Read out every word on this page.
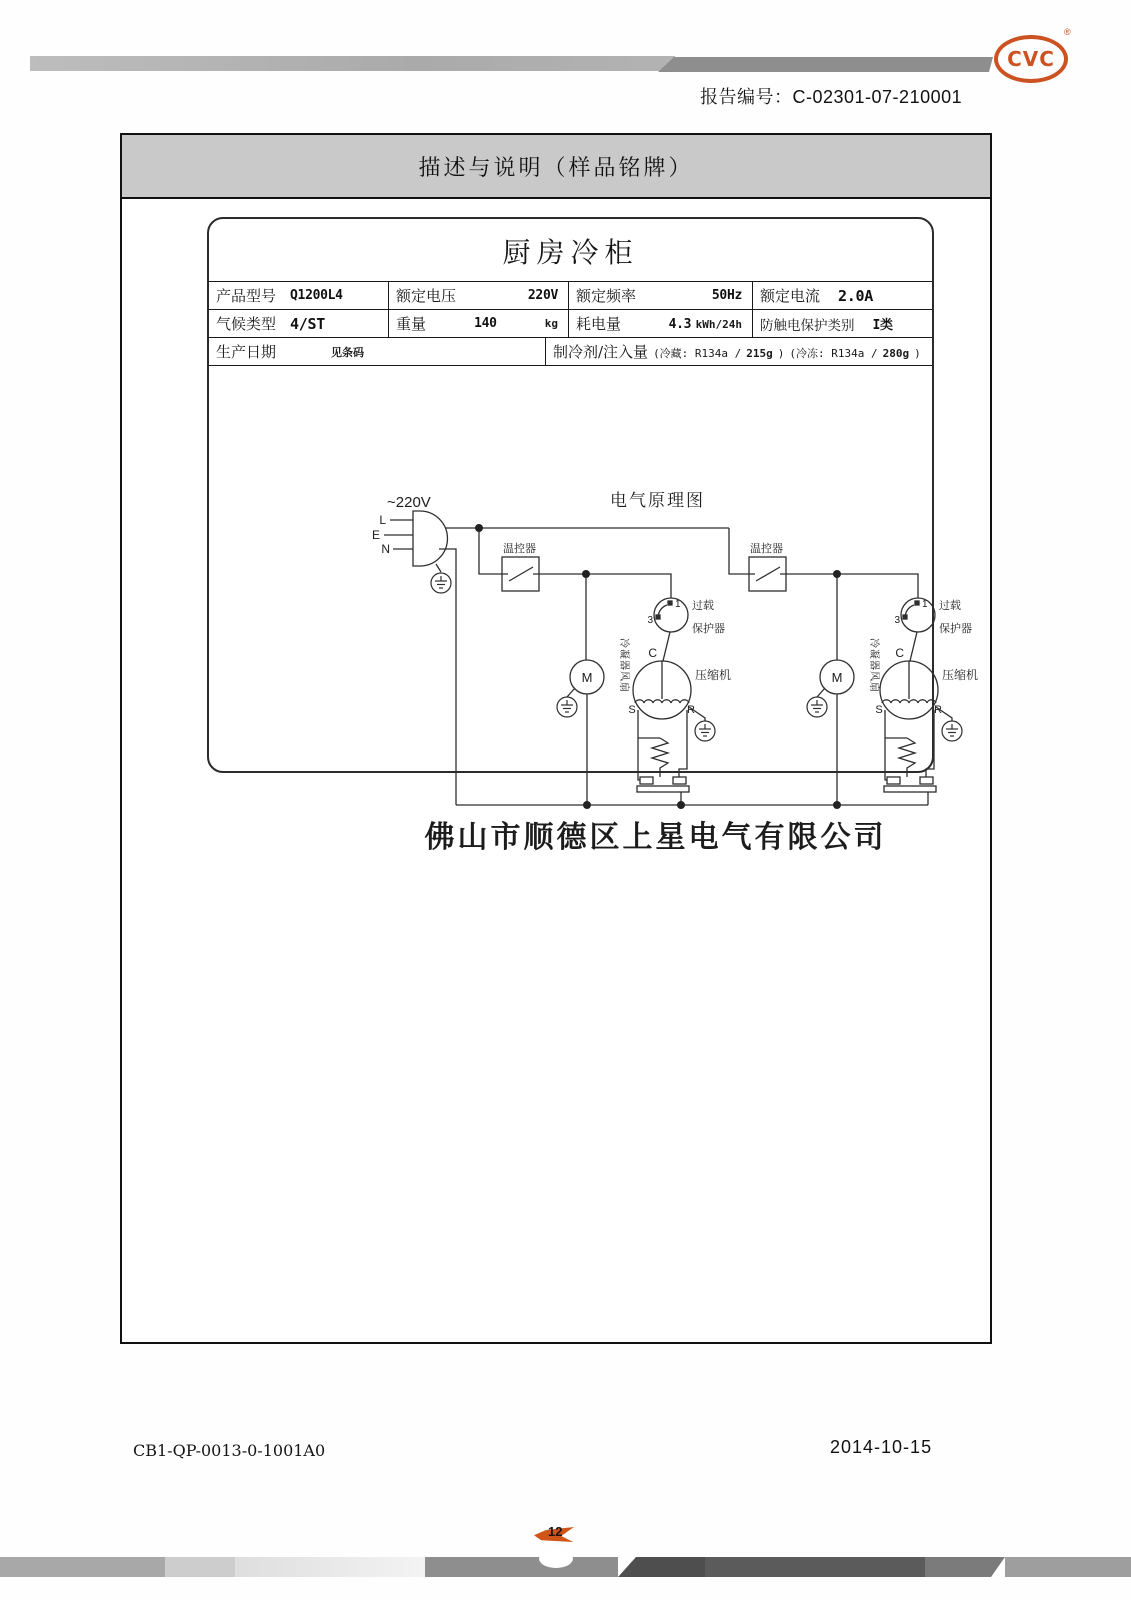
CVC
®
报告编号：C-02301-07-210001
描述与说明（样品铭牌）
厨房冷柜
产品型号 Q1200L4	额定电压	220V 额定频率	50Hz 额定电流 2.0A
气候类型 4/ST	重量	140	kg 耗电量	4.3 kWh/24h 防触电保护类别 I类
生产日期	见条码	制冷剂/注入量 (冷藏: R134a / 215g ) (冷冻: R134a / 280g )
~220V	电气原理图
L
E
N	温控器	温控器
过载
保护器
过载
保护器
1
3
1
3
C	C
压缩机	压缩机
S	R	S	R
M	M
冷凝器风扇	冷凝器风扇
佛山市顺德区上星电气有限公司
CB1-QP-0013-0-1001A0	2014-10-15
12
